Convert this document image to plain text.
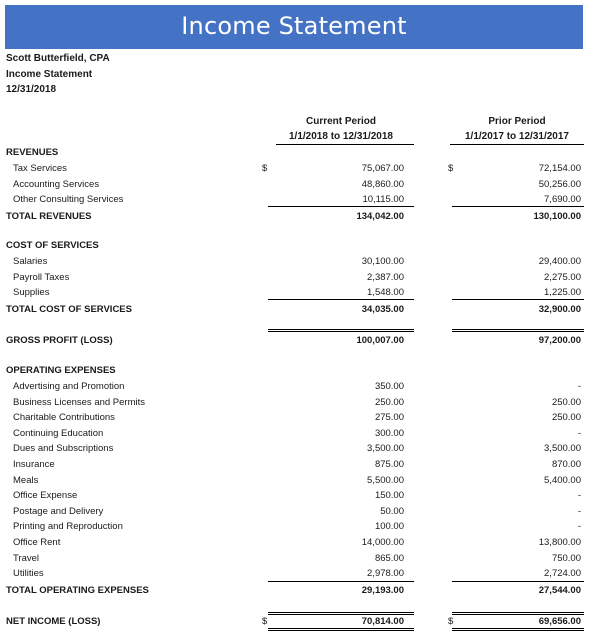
Income Statement
Scott Butterfield, CPA
Income Statement
12/31/2018
Current Period
1/1/2018 to 12/31/2018
Prior Period
1/1/2017 to 12/31/2017
REVENUES
Tax Services	75,067.00	72,154.00
$	$
Accounting Services	48,860.00	50,256.00
Other Consulting Services	10,115.00	7,690.00
TOTAL REVENUES	134,042.00	130,100.00
COST OF SERVICES
Salaries	30,100.00	29,400.00
Payroll Taxes	2,387.00	2,275.00
Supplies	1,548.00	1,225.00
TOTAL COST OF SERVICES	34,035.00	32,900.00
GROSS PROFIT (LOSS)	100,007.00	97,200.00
OPERATING EXPENSES
Advertising and Promotion	350.00	-
Business Licenses and Permits	250.00	250.00
Charitable Contributions	275.00	250.00
Continuing Education	300.00	-
Dues and Subscriptions	3,500.00	3,500.00
Insurance	875.00	870.00
Meals	5,500.00	5,400.00
Office Expense	150.00	-
Postage and Delivery	50.00	-
Printing and Reproduction	100.00	-
Office Rent	14,000.00	13,800.00
Travel	865.00	750.00
Utilities	2,978.00	2,724.00
TOTAL OPERATING EXPENSES	29,193.00	27,544.00
NET INCOME (LOSS)	70,814.00	69,656.00
$	$
